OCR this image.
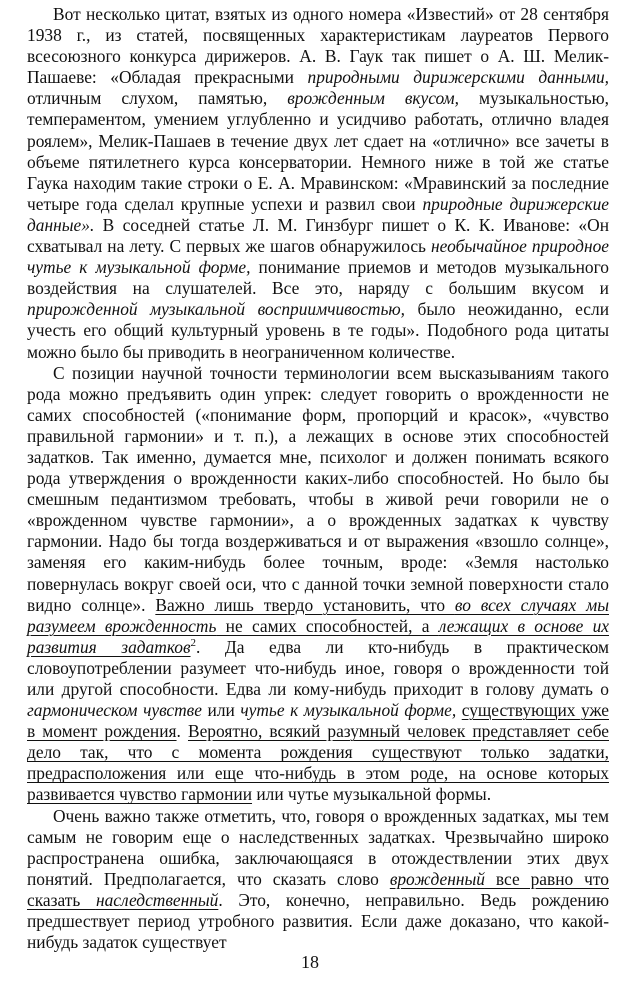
Вот несколько цитат, взятых из одного номера «Известий» от 28 сентября 1938 г., из статей, посвященных характеристикам лауреатов Первого всесоюзного конкурса дирижеров. А. В. Гаук так пишет о А. Ш. Мелик-Пашаеве: «Обладая прекрасными природными дирижерскими данными, отличным слухом, памятью, врожденным вкусом, музыкальностью, темпераментом, умением углубленно и усидчиво работать, отлично владея роялем», Мелик-Пашаев в течение двух лет сдает на «отлично» все зачеты в объеме пятилетнего курса консерватории. Немного ниже в той же статье Гаука находим такие строки о Е. А. Мравинском: «Мравинский за последние четыре года сделал крупные успехи и развил свои природные дирижерские данные». В соседней статье Л. М. Гинзбург пишет о К. К. Иванове: «Он схватывал на лету. С первых же шагов обнаружилось необычайное природное чутье к музыкальной форме, понимание приемов и методов музыкального воздействия на слушателей. Все это, наряду с большим вкусом и прирожденной музыкальной восприимчивостью, было неожиданно, если учесть его общий культурный уровень в те годы». Подобного рода цитаты можно было бы приводить в неограниченном количестве.

С позиции научной точности терминологии всем высказываниям такого рода можно предъявить один упрек: следует говорить о врожденности не самих способностей («понимание форм, пропорций и красок», «чувство правильной гармонии» и т. п.), а лежащих в основе этих способностей задатков. Так именно, думается мне, психолог и должен понимать всякого рода утверждения о врожденности каких-либо способностей. Но было бы смешным педантизмом требовать, чтобы в живой речи говорили не о «врожденном чувстве гармонии», а о врожденных задатках к чувству гармонии. Надо бы тогда воздерживаться и от выражения «взошло солнце», заменяя его каким-нибудь более точным, вроде: «Земля настолько повернулась вокруг своей оси, что с данной точки земной поверхности стало видно солнце». Важно лишь твердо установить, что во всех случаях мы разумеем врожденность не самих способностей, а лежащих в основе их развития задатков$^2$. Да едва ли кто-нибудь в практическом словоупотреблении разумеет что-нибудь иное, говоря о врожденности той или другой способности. Едва ли кому-нибудь приходит в голову думать о гармоническом чувстве или чутье к музыкальной форме, существующих уже в момент рождения. Вероятно, всякий разумный человек представляет себе дело так, что с момента рождения существуют только задатки, предрасположения или еще что-нибудь в этом роде, на основе которых развивается чувство гармонии или чутье музыкальной формы.

Очень важно также отметить, что, говоря о врожденных задатках, мы тем самым не говорим еще о наследственных задатках. Чрезвычайно широко распространена ошибка, заключающаяся в отождествлении этих двух понятий. Предполагается, что сказать слово врожденный все равно что сказать наследственный. Это, конечно, неправильно. Ведь рождению предшествует период утробного развития. Если даже доказано, что какой-нибудь задаток существует

18
